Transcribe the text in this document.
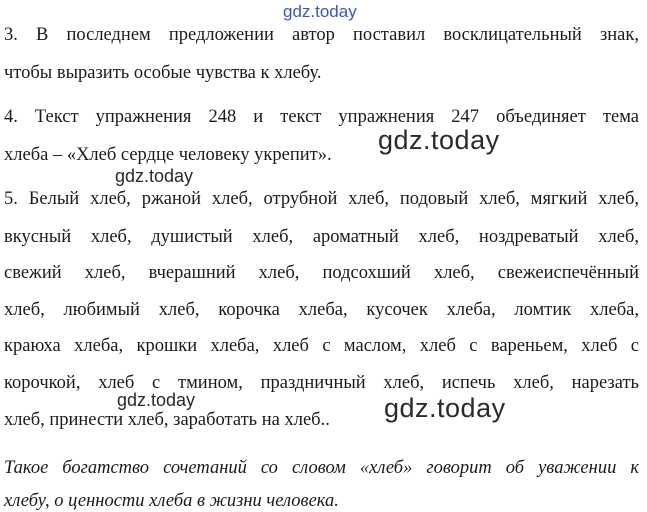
gdz.today
3. В последнем предложении автор поставил восклицательный знак,
чтобы выразить особые чувства к хлебу.
4. Текст упражнения 248 и текст упражнения 247 объединяет тема
хлеба – «Хлеб сердце человеку укрепит». gdz.today
gdz.today
5. Белый хлеб, ржаной хлеб, отрубной хлеб, подовый хлеб, мягкий хлеб,
вкусный хлеб, душистый хлеб, ароматный хлеб, ноздреватый хлеб,
свежий хлеб, вчерашний хлеб, подсохший хлеб, свежеиспечённый
хлеб, любимый хлеб, корочка хлеба, кусочек хлеба, ломтик хлеба,
краюха хлеба, крошки хлеба, хлеб с маслом, хлеб с вареньем, хлеб с
корочкой, хлеб с тмином, праздничный хлеб, испечь хлеб, нарезать
хлеб, принести хлеб, заработать на хлеб..
gdz.today	gdz.today
Такое богатство сочетаний со словом «хлеб» говорит об уважении к
хлебу, о ценности хлеба в жизни человека.
